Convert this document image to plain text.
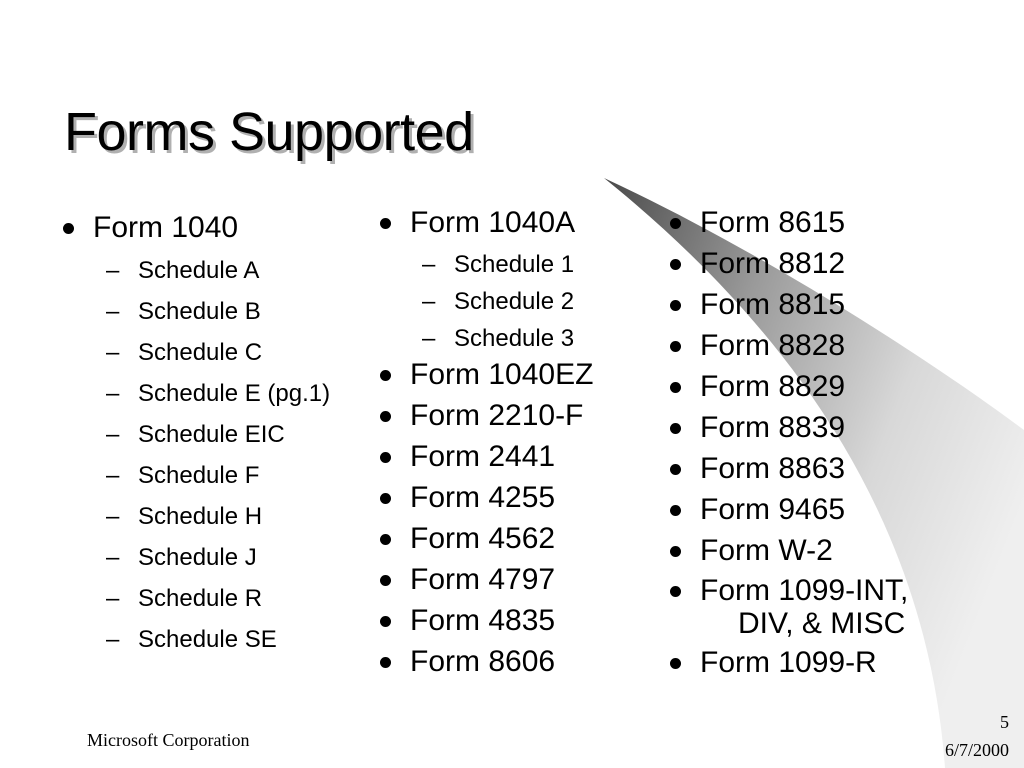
Forms Supported
Form 1040
– Schedule A
– Schedule B
– Schedule C
– Schedule E (pg.1)
– Schedule EIC
– Schedule F
– Schedule H
– Schedule J
– Schedule R
– Schedule SE
Form 1040A
– Schedule 1
– Schedule 2
– Schedule 3
Form 1040EZ
Form 2210-F
Form 2441
Form 4255
Form 4562
Form 4797
Form 4835
Form 8606
Form 8615
Form 8812
Form 8815
Form 8828
Form 8829
Form 8839
Form 8863
Form 9465
Form W-2
Form 1099-INT,
DIV, & MISC
Form 1099-R
Microsoft Corporation
5
6/7/2000
